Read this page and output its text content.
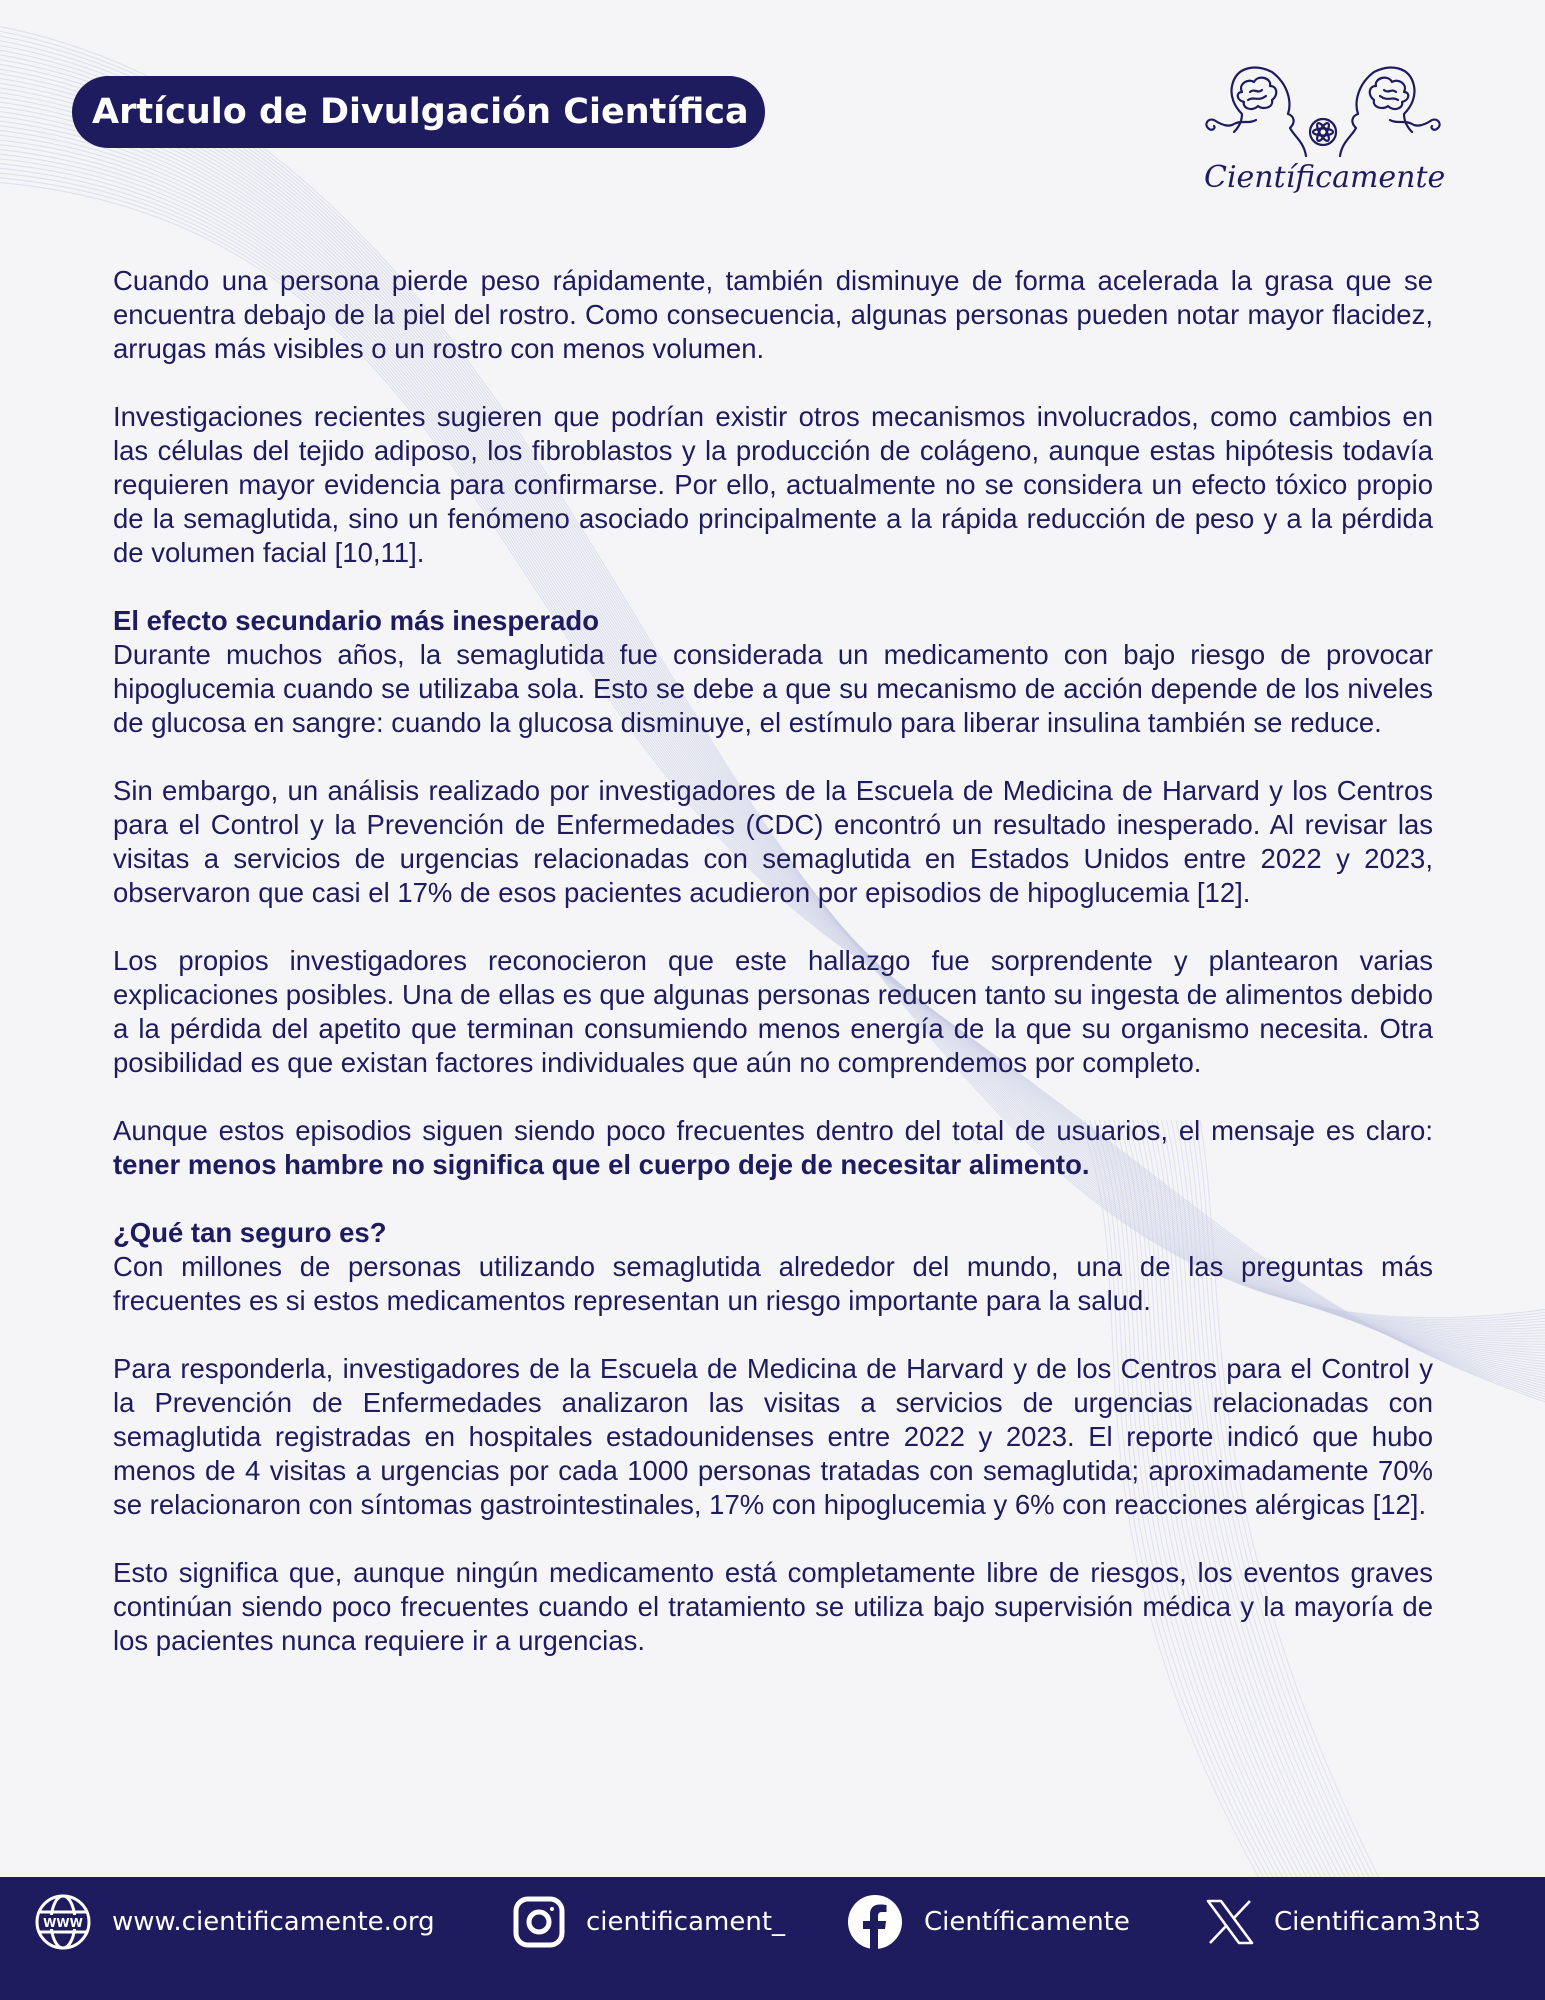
Artículo de Divulgación Científica
Científicamente

Cuando una persona pierde peso rápidamente, también disminuye de forma acelerada la grasa que se encuentra debajo de la piel del rostro. Como consecuencia, algunas personas pueden notar mayor flacidez, arrugas más visibles o un rostro con menos volumen.

Investigaciones recientes sugieren que podrían existir otros mecanismos involucrados, como cambios en las células del tejido adiposo, los fibroblastos y la producción de colágeno, aunque estas hipótesis todavía requieren mayor evidencia para confirmarse. Por ello, actualmente no se considera un efecto tóxico propio de la semaglutida, sino un fenómeno asociado principalmente a la rápida reducción de peso y a la pérdida de volumen facial [10,11].

El efecto secundario más inesperado

Durante muchos años, la semaglutida fue considerada un medicamento con bajo riesgo de provocar hipoglucemia cuando se utilizaba sola. Esto se debe a que su mecanismo de acción depende de los niveles de glucosa en sangre: cuando la glucosa disminuye, el estímulo para liberar insulina también se reduce.

Sin embargo, un análisis realizado por investigadores de la Escuela de Medicina de Harvard y los Centros para el Control y la Prevención de Enfermedades (CDC) encontró un resultado inesperado. Al revisar las visitas a servicios de urgencias relacionadas con semaglutida en Estados Unidos entre 2022 y 2023, observaron que casi el 17% de esos pacientes acudieron por episodios de hipoglucemia [12].

Los propios investigadores reconocieron que este hallazgo fue sorprendente y plantearon varias explicaciones posibles. Una de ellas es que algunas personas reducen tanto su ingesta de alimentos debido a la pérdida del apetito que terminan consumiendo menos energía de la que su organismo necesita. Otra posibilidad es que existan factores individuales que aún no comprendemos por completo.

Aunque estos episodios siguen siendo poco frecuentes dentro del total de usuarios, el mensaje es claro: tener menos hambre no significa que el cuerpo deje de necesitar alimento.

¿Qué tan seguro es?

Con millones de personas utilizando semaglutida alrededor del mundo, una de las preguntas más frecuentes es si estos medicamentos representan un riesgo importante para la salud.

Para responderla, investigadores de la Escuela de Medicina de Harvard y de los Centros para el Control y la Prevención de Enfermedades analizaron las visitas a servicios de urgencias relacionadas con semaglutida registradas en hospitales estadounidenses entre 2022 y 2023. El reporte indicó que hubo menos de 4 visitas a urgencias por cada 1000 personas tratadas con semaglutida; aproximadamente 70% se relacionaron con síntomas gastrointestinales, 17% con hipoglucemia y 6% con reacciones alérgicas [12].

Esto significa que, aunque ningún medicamento está completamente libre de riesgos, los eventos graves continúan siendo poco frecuentes cuando el tratamiento se utiliza bajo supervisión médica y la mayoría de los pacientes nunca requiere ir a urgencias.

WWW www.cientificamente.org	cientificament_	Científicamente	Cientificam3nt3
